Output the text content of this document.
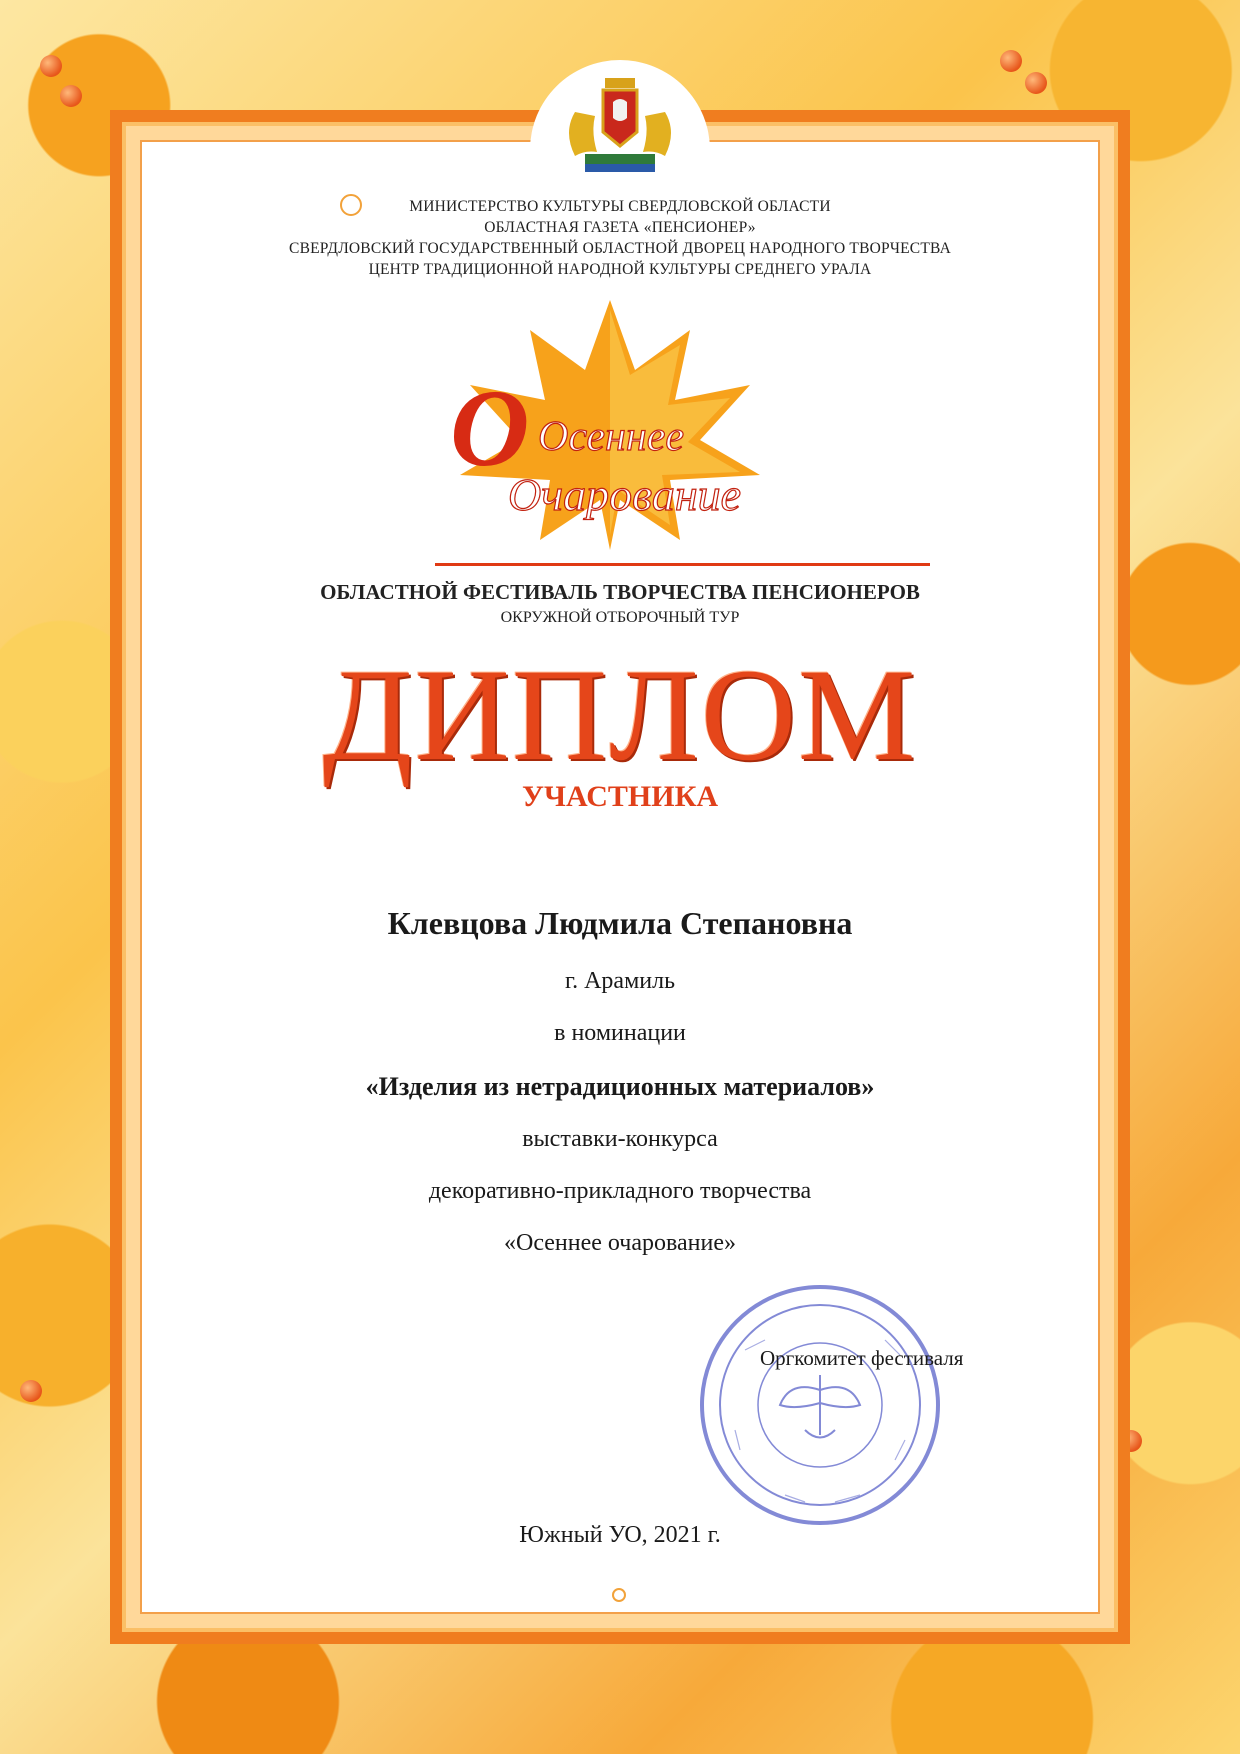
МИНИСТЕРСТВО КУЛЬТУРЫ СВЕРДЛОВСКОЙ ОБЛАСТИ
ОБЛАСТНАЯ ГАЗЕТА «ПЕНСИОНЕР»
СВЕРДЛОВСКИЙ ГОСУДАРСТВЕННЫЙ ОБЛАСТНОЙ ДВОРЕЦ НАРОДНОГО ТВОРЧЕСТВА
ЦЕНТР ТРАДИЦИОННОЙ НАРОДНОЙ КУЛЬТУРЫ СРЕДНЕГО УРАЛА
О Осеннее
Очарование
ОБЛАСТНОЙ ФЕСТИВАЛЬ ТВОРЧЕСТВА ПЕНСИОНЕРОВ
ОКРУЖНОЙ ОТБОРОЧНЫЙ ТУР
ДИПЛОМ
УЧАСТНИКА
Клевцова Людмила Степановна
г. Арамиль
в номинации
«Изделия из нетрадиционных материалов»
выставки-конкурса
декоративно-прикладного творчества
«Осеннее очарование»
Оргкомитет фестиваля
Южный УО, 2021 г.
